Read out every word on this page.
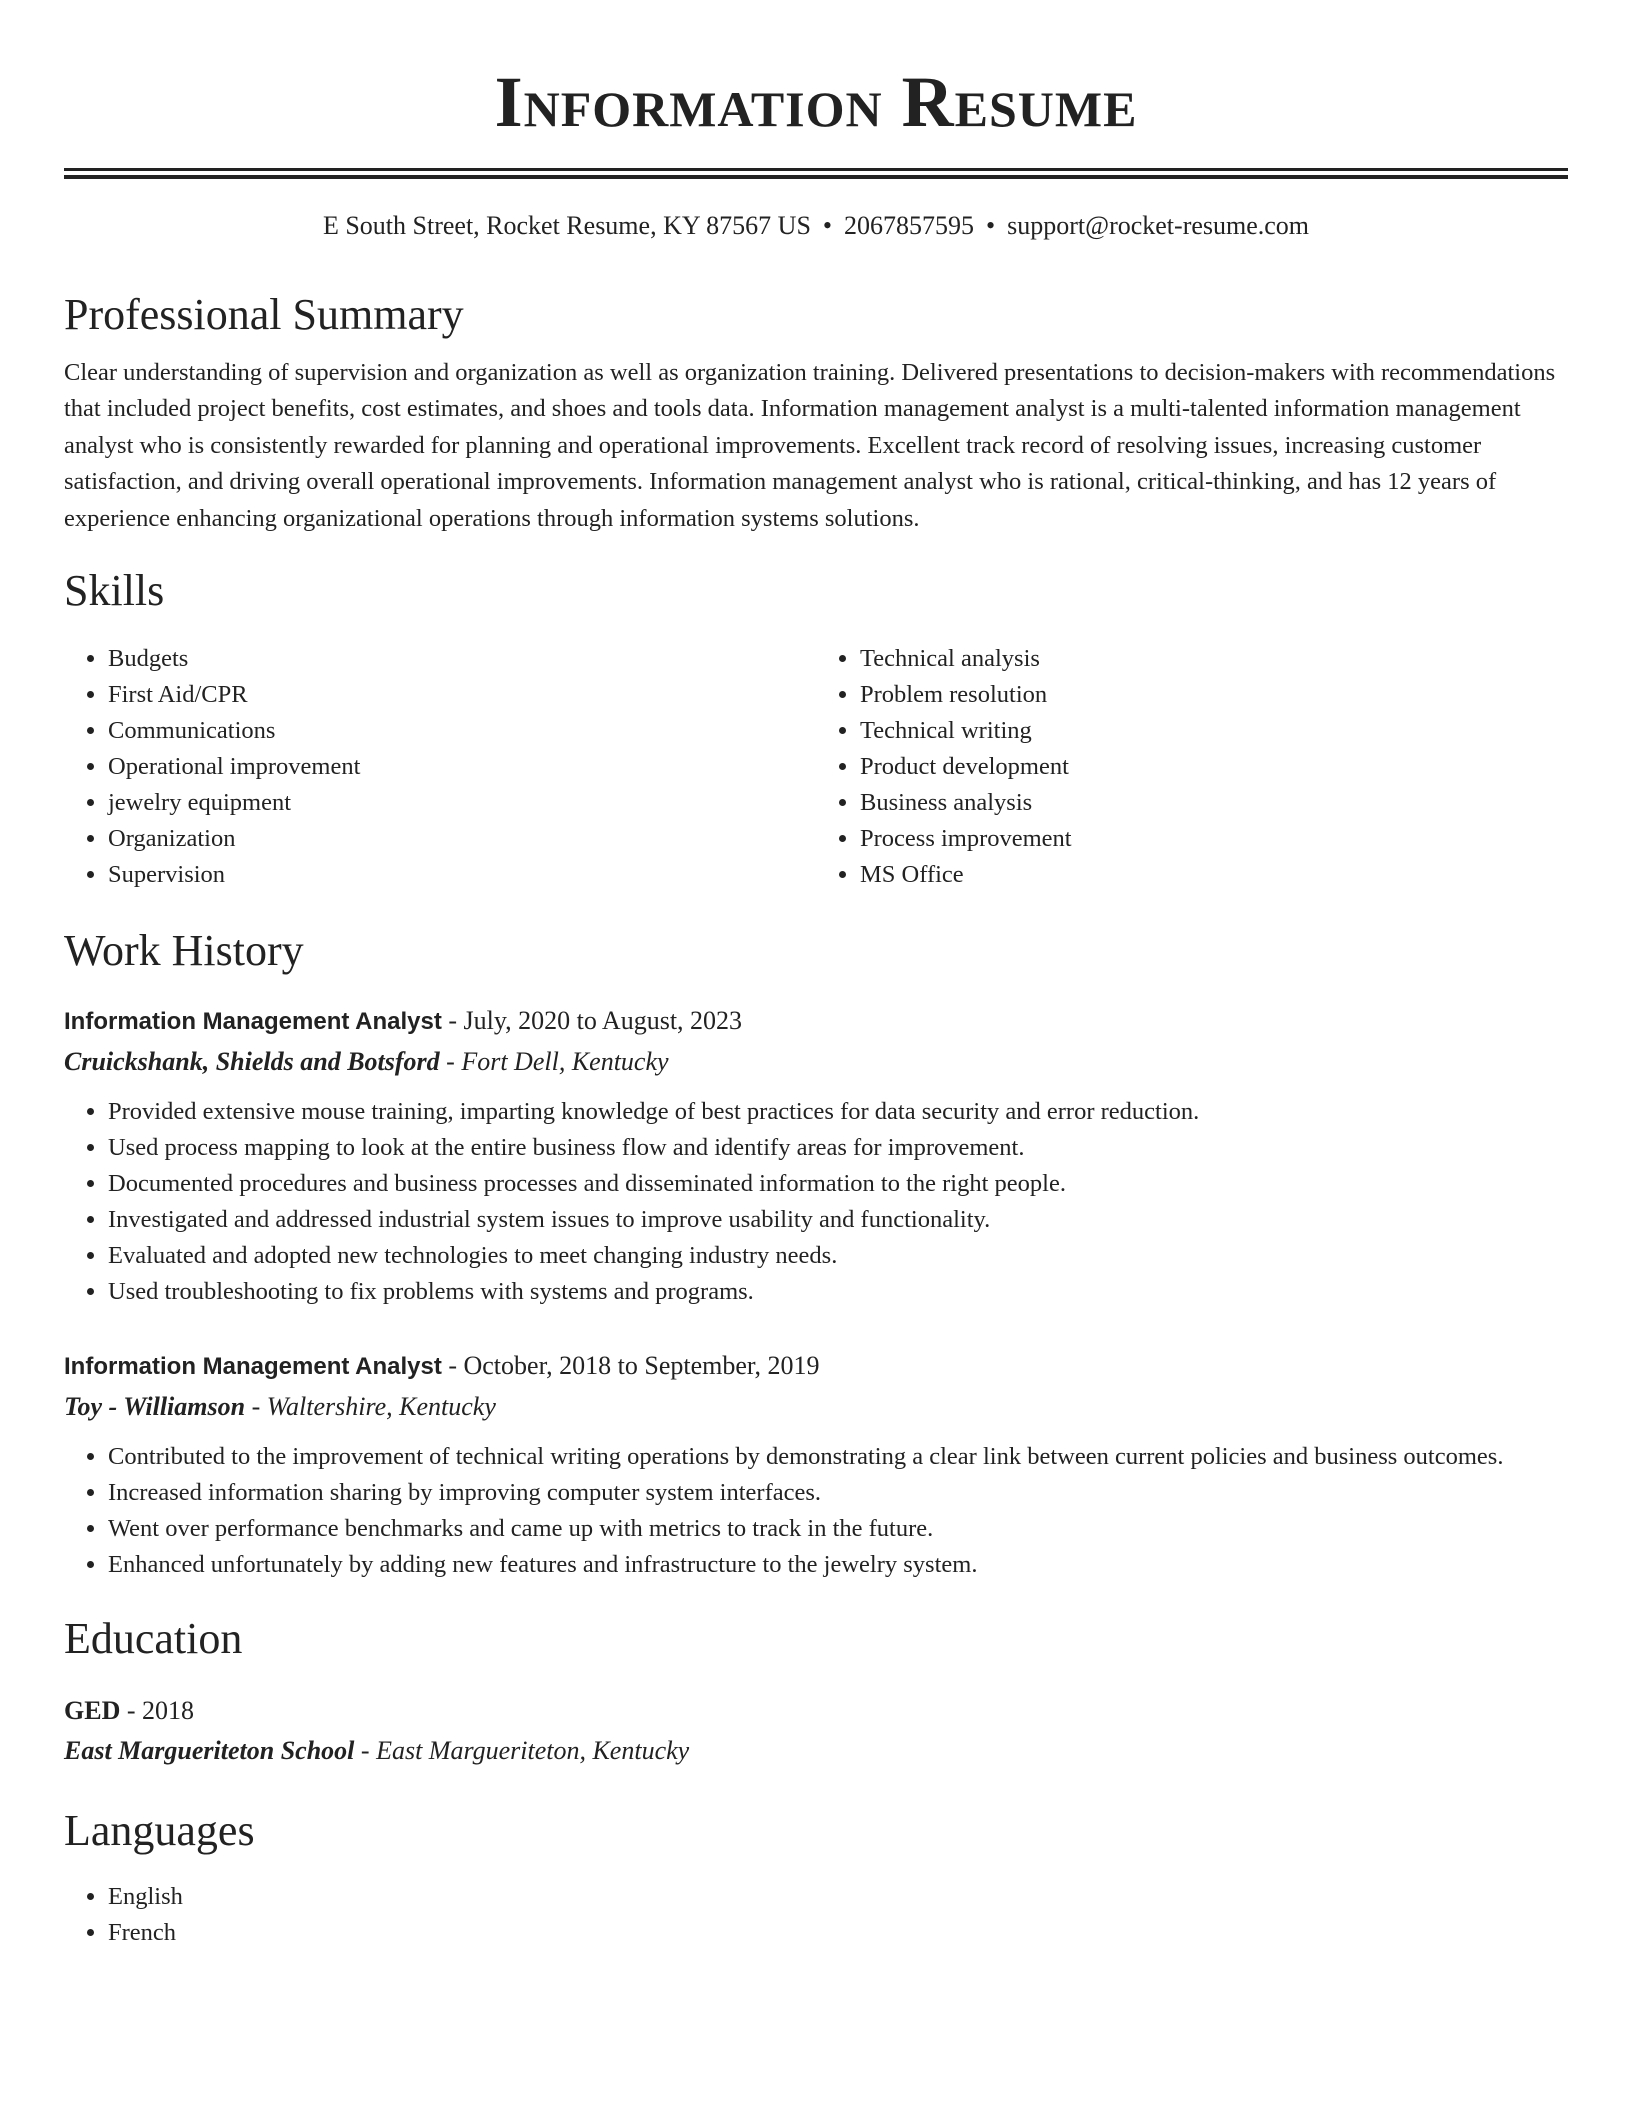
Information Resume
E South Street, Rocket Resume, KY 87567 US • 2067857595 • support@rocket-resume.com
Professional Summary
Clear understanding of supervision and organization as well as organization training. Delivered presentations to decision-makers with recommendations that included project benefits, cost estimates, and shoes and tools data. Information management analyst is a multi-talented information management analyst who is consistently rewarded for planning and operational improvements. Excellent track record of resolving issues, increasing customer satisfaction, and driving overall operational improvements. Information management analyst who is rational, critical-thinking, and has 12 years of experience enhancing organizational operations through information systems solutions.
Skills
• Budgets
• First Aid/CPR
• Communications
• Operational improvement
• jewelry equipment
• Organization
• Supervision
• Technical analysis
• Problem resolution
• Technical writing
• Product development
• Business analysis
• Process improvement
• MS Office
Work History
Information Management Analyst - July, 2020 to August, 2023
Cruickshank, Shields and Botsford - Fort Dell, Kentucky
• Provided extensive mouse training, imparting knowledge of best practices for data security and error reduction.
• Used process mapping to look at the entire business flow and identify areas for improvement.
• Documented procedures and business processes and disseminated information to the right people.
• Investigated and addressed industrial system issues to improve usability and functionality.
• Evaluated and adopted new technologies to meet changing industry needs.
• Used troubleshooting to fix problems with systems and programs.
Information Management Analyst - October, 2018 to September, 2019
Toy - Williamson - Waltershire, Kentucky
• Contributed to the improvement of technical writing operations by demonstrating a clear link between current policies and business outcomes.
• Increased information sharing by improving computer system interfaces.
• Went over performance benchmarks and came up with metrics to track in the future.
• Enhanced unfortunately by adding new features and infrastructure to the jewelry system.
Education
GED - 2018
East Margueriteton School - East Margueriteton, Kentucky
Languages
• English
• French
